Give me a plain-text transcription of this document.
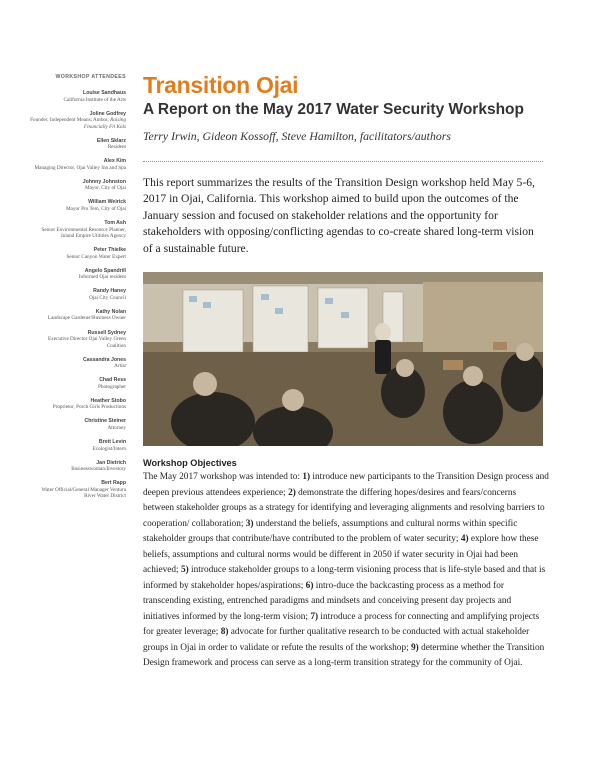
WORKSHOP ATTENDEES
Louise Sandhaus
California Institute of the Arts
Joline Godfrey
Founder, Independent Means; Author, Raising Financially Fit Kids
Ellen Sklarz
Resident
Alex Kim
Managing Director, Ojai Valley Inn and Spa
Johnny Johnston
Mayor, City of Ojai
William Weirick
Mayor Pro Tem, City of Ojai
Tom Ash
Senior Environmental Resource Planner, Inland Empire Utilities Agency
Peter Thielke
Senior Canyon Water Expert
Angelo Spandrill
Informed Ojai resident
Randy Haney
Ojai City Council
Kathy Nolan
Landscape Gardener/Business Owner
Russell Sydney
Executive Director Ojai Valley Green Coalition
Cassandra Jones
Artist
Chad Ress
Photographer
Heather Stobo
Proprietor, Porch Girls Productions
Christine Steiner
Attorney
Brett Levin
Ecologist/Intern
Jan Dietrich
Businesswoman/Investory
Bert Rapp
Water Official/General Manager Ventura River Water District
Transition Ojai
A Report on the May 2017 Water Security Workshop

Terry Irwin, Gideon Kossoff, Steve Hamilton, facilitators/authors

This report summarizes the results of the Transition Design workshop held May 5-6, 2017 in Ojai, California. This workshop aimed to build upon the outcomes of the January session and focused on stakeholder relations and the opportunity for stakeholders with opposing/conflicting agendas to co-create shared long-term vision of a sustainable future.

Workshop Objectives

The May 2017 workshop was intended to: 1) introduce new participants to the Transition Design process and deepen previous attendees experience; 2) demonstrate the differing hopes/desires and fears/concerns between stakeholder groups as a strategy for identifying and leveraging alignments and resolving barriers to cooperation/ collaboration; 3) understand the beliefs, assumptions and cultural norms within specific stakeholder groups that contribute/have contributed to the problem of water security; 4) explore how these beliefs, assumptions and cultural norms would be different in 2050 if water security in Ojai had been achieved; 5) introduce stakeholder groups to a long-term visioning process that is life-style based and that is informed by stakeholder hopes/aspirations; 6) intro-duce the backcasting process as a method for transcending existing, entrenched paradigms and mindsets and conceiving present day projects and initiatives informed by the long-term vision; 7) introduce a process for connecting and amplifying projects for greater leverage; 8) advocate for further qualitative research to be conducted with actual stakeholder groups in Ojai in order to validate or refute the results of the workshop; 9) determine whether the Transition Design framework and process can serve as a long-term transition strategy for the community of Ojai.
